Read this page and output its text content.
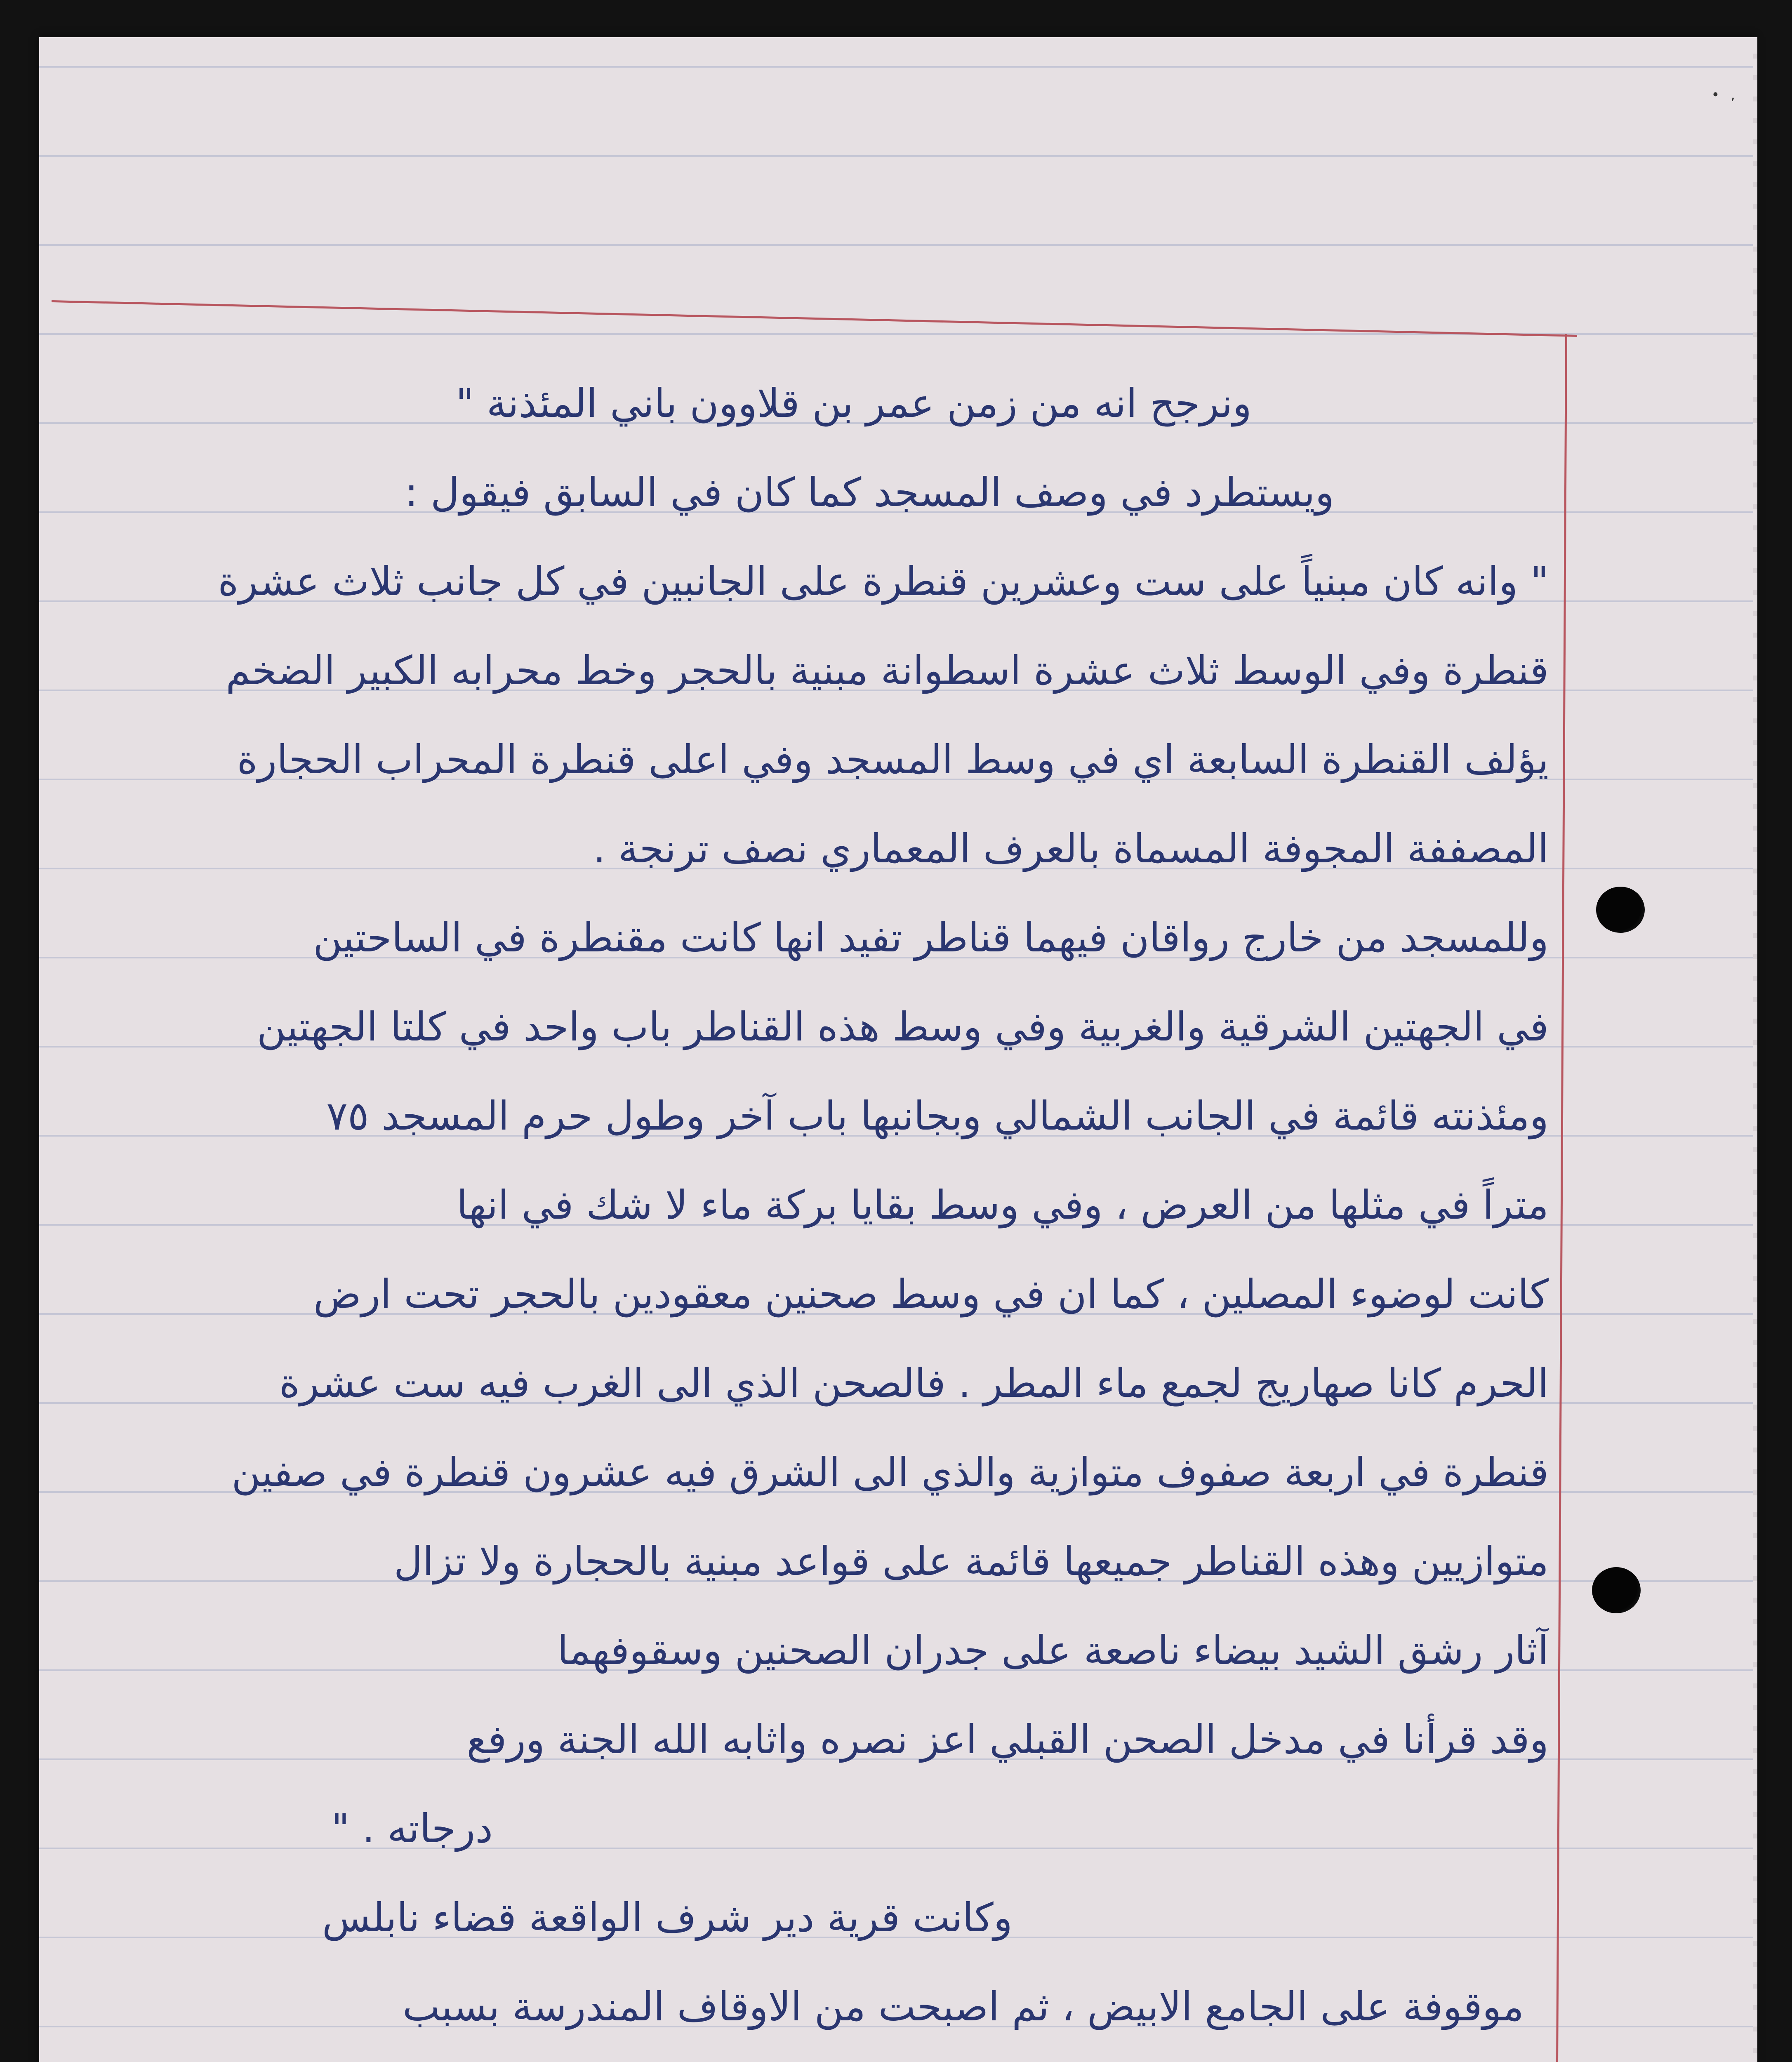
• ,
ونرجح انه من زمن عمر بن قلاوون باني المئذنة "
ويستطرد في وصف المسجد كما كان في السابق فيقول :
" وانه كان مبنياً على ست وعشرين قنطرة على الجانبين في كل جانب ثلاث عشرة
قنطرة وفي الوسط ثلاث عشرة اسطوانة مبنية بالحجر وخط محرابه الكبير الضخم
يؤلف القنطرة السابعة اي في وسط المسجد وفي اعلى قنطرة المحراب الحجارة
المصففة المجوفة المسماة بالعرف المعماري نصف ترنجة .
وللمسجد من خارج رواقان فيهما قناطر تفيد انها كانت مقنطرة في الساحتين
في الجهتين الشرقية والغربية وفي وسط هذه القناطر باب واحد في كلتا الجهتين
ومئذنته قائمة في الجانب الشمالي وبجانبها باب آخر وطول حرم المسجد ٧٥
متراً في مثلها من العرض ، وفي وسط بقايا بركة ماء لا شك في انها
كانت لوضوء المصلين ، كما ان في وسط صحنين معقودين بالحجر تحت ارض
الحرم كانا صهاريج لجمع ماء المطر . فالصحن الذي الى الغرب فيه ست عشرة
قنطرة في اربعة صفوف متوازية والذي الى الشرق فيه عشرون قنطرة في صفين
متوازيين وهذه القناطر جميعها قائمة على قواعد مبنية بالحجارة ولا تزال
آثار رشق الشيد بيضاء ناصعة على جدران الصحنين وسقوفهما
وقد قرأنا في مدخل الصحن القبلي اعز نصره واثابه الله الجنة ورفع
درجاته . "
وكانت قرية دير شرف الواقعة قضاء نابلس
موقوفة على الجامع الابيض ، ثم اصبحت من الاوقاف المندرسة بسبب
